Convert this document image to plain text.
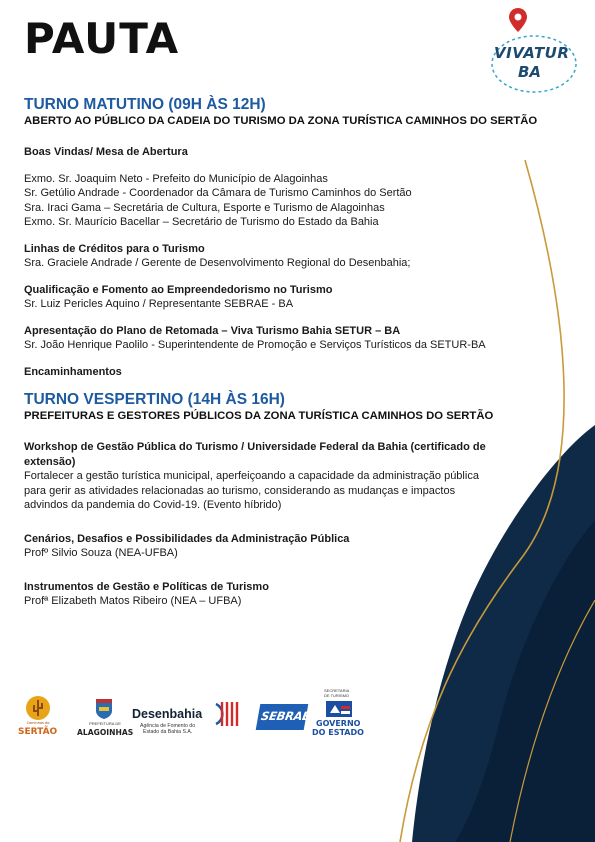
PAUTA	VIVATUR
BA

TURNO MATUTINO (09H ÀS 12H)

ABERTO AO PÚBLICO DA CADEIA DO TURISMO DA ZONA TURÍSTICA CAMINHOS DO SERTÃO

Boas Vindas/ Mesa de Abertura

Exmo. Sr. Joaquim Neto - Prefeito do Município de Alagoinhas

Sr. Getúlio Andrade - Coordenador da Câmara de Turismo Caminhos do Sertão

Sra. Iraci Gama – Secretária de Cultura, Esporte e Turismo de Alagoinhas

Exmo. Sr. Maurício Bacellar – Secretário de Turismo do Estado da Bahia

Linhas de Créditos para o Turismo

Sra. Graciele Andrade / Gerente de Desenvolvimento Regional do Desenbahia;

Qualificação e Fomento ao Empreendedorismo no Turismo

Sr. Luiz Pericles Aquino / Representante SEBRAE - BA

Apresentação do Plano de Retomada – Viva Turismo Bahia SETUR – BA

Sr. João Henrique Paolilo - Superintendente de Promoção e Serviços Turísticos da SETUR-BA

Encaminhamentos

TURNO VESPERTINO (14H ÀS 16H)

PREFEITURAS E GESTORES PÚBLICOS DA ZONA TURÍSTICA CAMINHOS DO SERTÃO

Workshop de Gestão Pública do Turismo / Universidade Federal da Bahia (certificado de

extensão)

Fortalecer a gestão turística municipal, aperfeiçoando a capacidade da administração pública

para gerir as atividades relacionadas ao turismo, considerando as mudanças e impactos

advindos da pandemia do Covid-19. (Evento híbrido)

Cenários, Desafios e Possibilidades da Administração Pública

Profº Silvio Souza (NEA-UFBA)

Instrumentos de Gestão e Políticas de Turismo

Profª Elizabeth Matos Ribeiro (NEA – UFBA)

Caminhos do
SERTÃO
PREFEITURA DE
ALAGOINHAS
Desenbahia
Agência de Fomento do
Estado da Bahia S.A.
SEBRAE
SECRETARIA
DE TURISMO
GOVERNO
DO ESTADO
